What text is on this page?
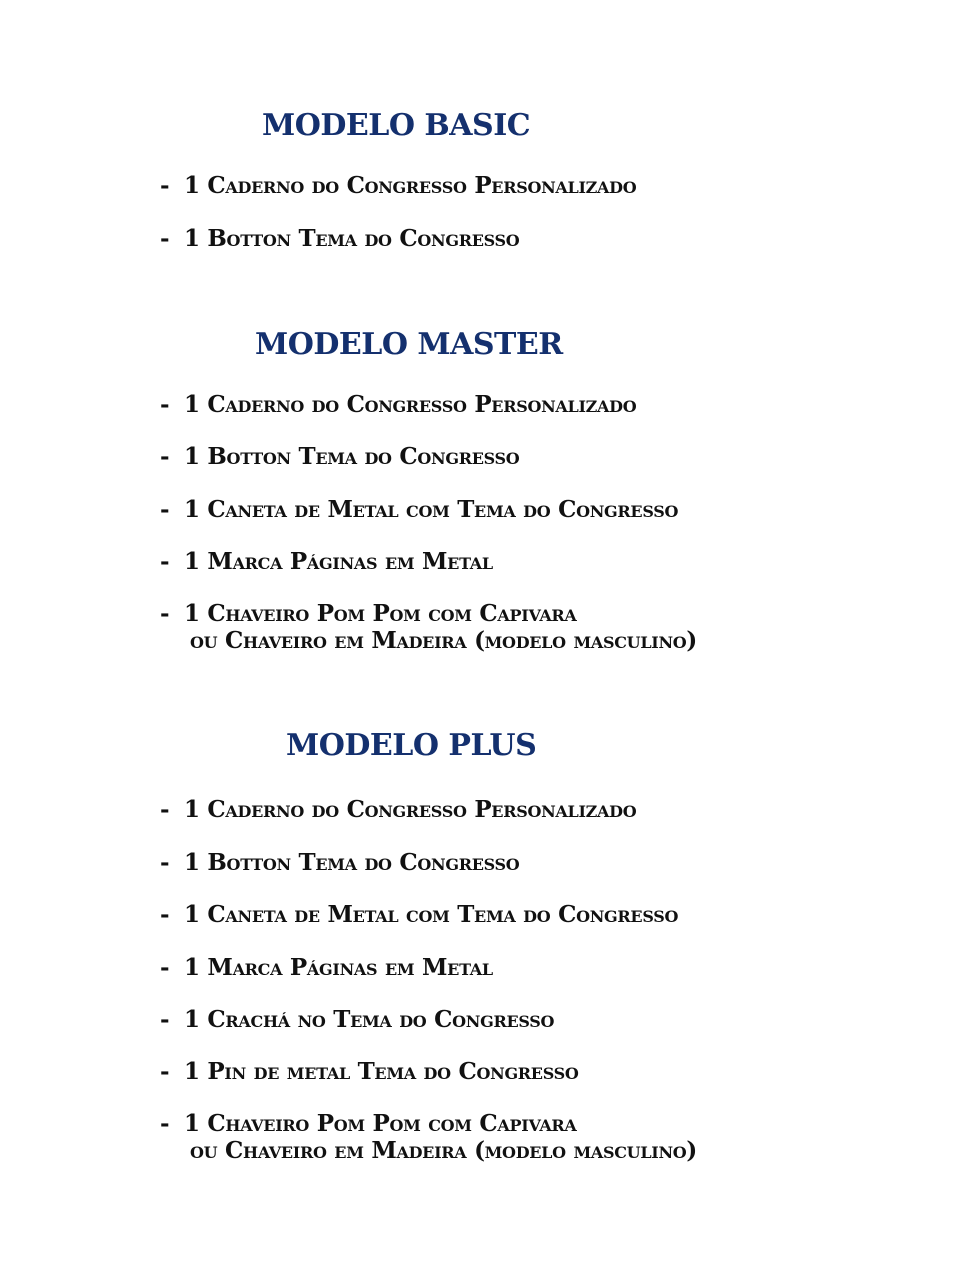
MODELO BASIC
- 1 Caderno do Congresso Personalizado
- 1 Botton Tema do Congresso
MODELO MASTER
- 1 Caderno do Congresso Personalizado
- 1 Botton Tema do Congresso
- 1 Caneta de Metal com Tema do Congresso
- 1 Marca Páginas em Metal
- 1 Chaveiro Pom Pom com Capivara
ou Chaveiro em Madeira (modelo masculino)
MODELO PLUS
- 1 Caderno do Congresso Personalizado
- 1 Botton Tema do Congresso
- 1 Caneta de Metal com Tema do Congresso
- 1 Marca Páginas em Metal
- 1 Crachá no Tema do Congresso
- 1 Pin de metal Tema do Congresso
- 1 Chaveiro Pom Pom com Capivara
ou Chaveiro em Madeira (modelo masculino)
